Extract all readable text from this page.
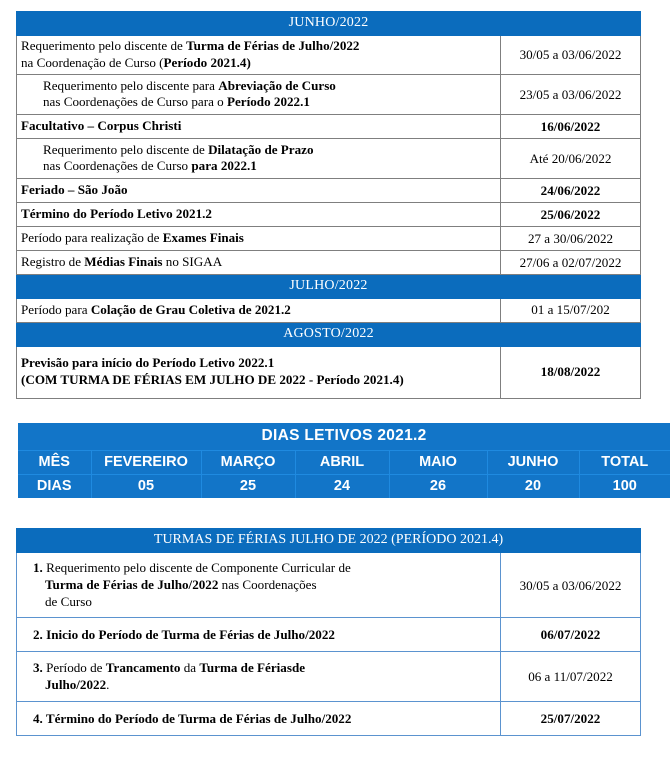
JUNHO/2022	
Requerimento pelo discente de Turma de Férias de Julho/2022
na Coordenação de Curso (Período 2021.4)	30/05 a 03/06/2022
Requerimento pelo discente para Abreviação de Curso
nas Coordenações de Curso para o Período 2022.1	23/05 a 03/06/2022
Facultativo – Corpus Christi	16/06/2022
Requerimento pelo discente de Dilatação de Prazo
nas Coordenações de Curso para 2022.1	Até 20/06/2022
Feriado – São João	24/06/2022
Término do Período Letivo 2021.2	25/06/2022
Período para realização de Exames Finais	27 a 30/06/2022
Registro de Médias Finais no SIGAA	27/06 a 02/07/2022
JULHO/2022	
Período para Colação de Grau Coletiva de 2021.2	01 a 15/07/202
AGOSTO/2022	
Previsão para início do Período Letivo 2022.1
(COM TURMA DE FÉRIAS EM JULHO DE 2022 - Período 2021.4)	18/08/2022
DIAS LETIVOS 2021.2						
MÊS	FEVEREIRO	MARÇO	ABRIL	MAIO	JUNHO	TOTAL
DIAS	05	25	24	26	20	100
TURMAS DE FÉRIAS JULHO DE 2022 (PERÍODO 2021.4)	
1. Requerimento pelo discente de Componente Curricular de
Turma de Férias de Julho/2022 nas Coordenações
de Curso	30/05 a 03/06/2022
2. Inicio do Período de Turma de Férias de Julho/2022	06/07/2022
3. Período de Trancamento da Turma de Fériasde
Julho/2022.	06 a 11/07/2022
4. Término do Período de Turma de Férias de Julho/2022	25/07/2022
